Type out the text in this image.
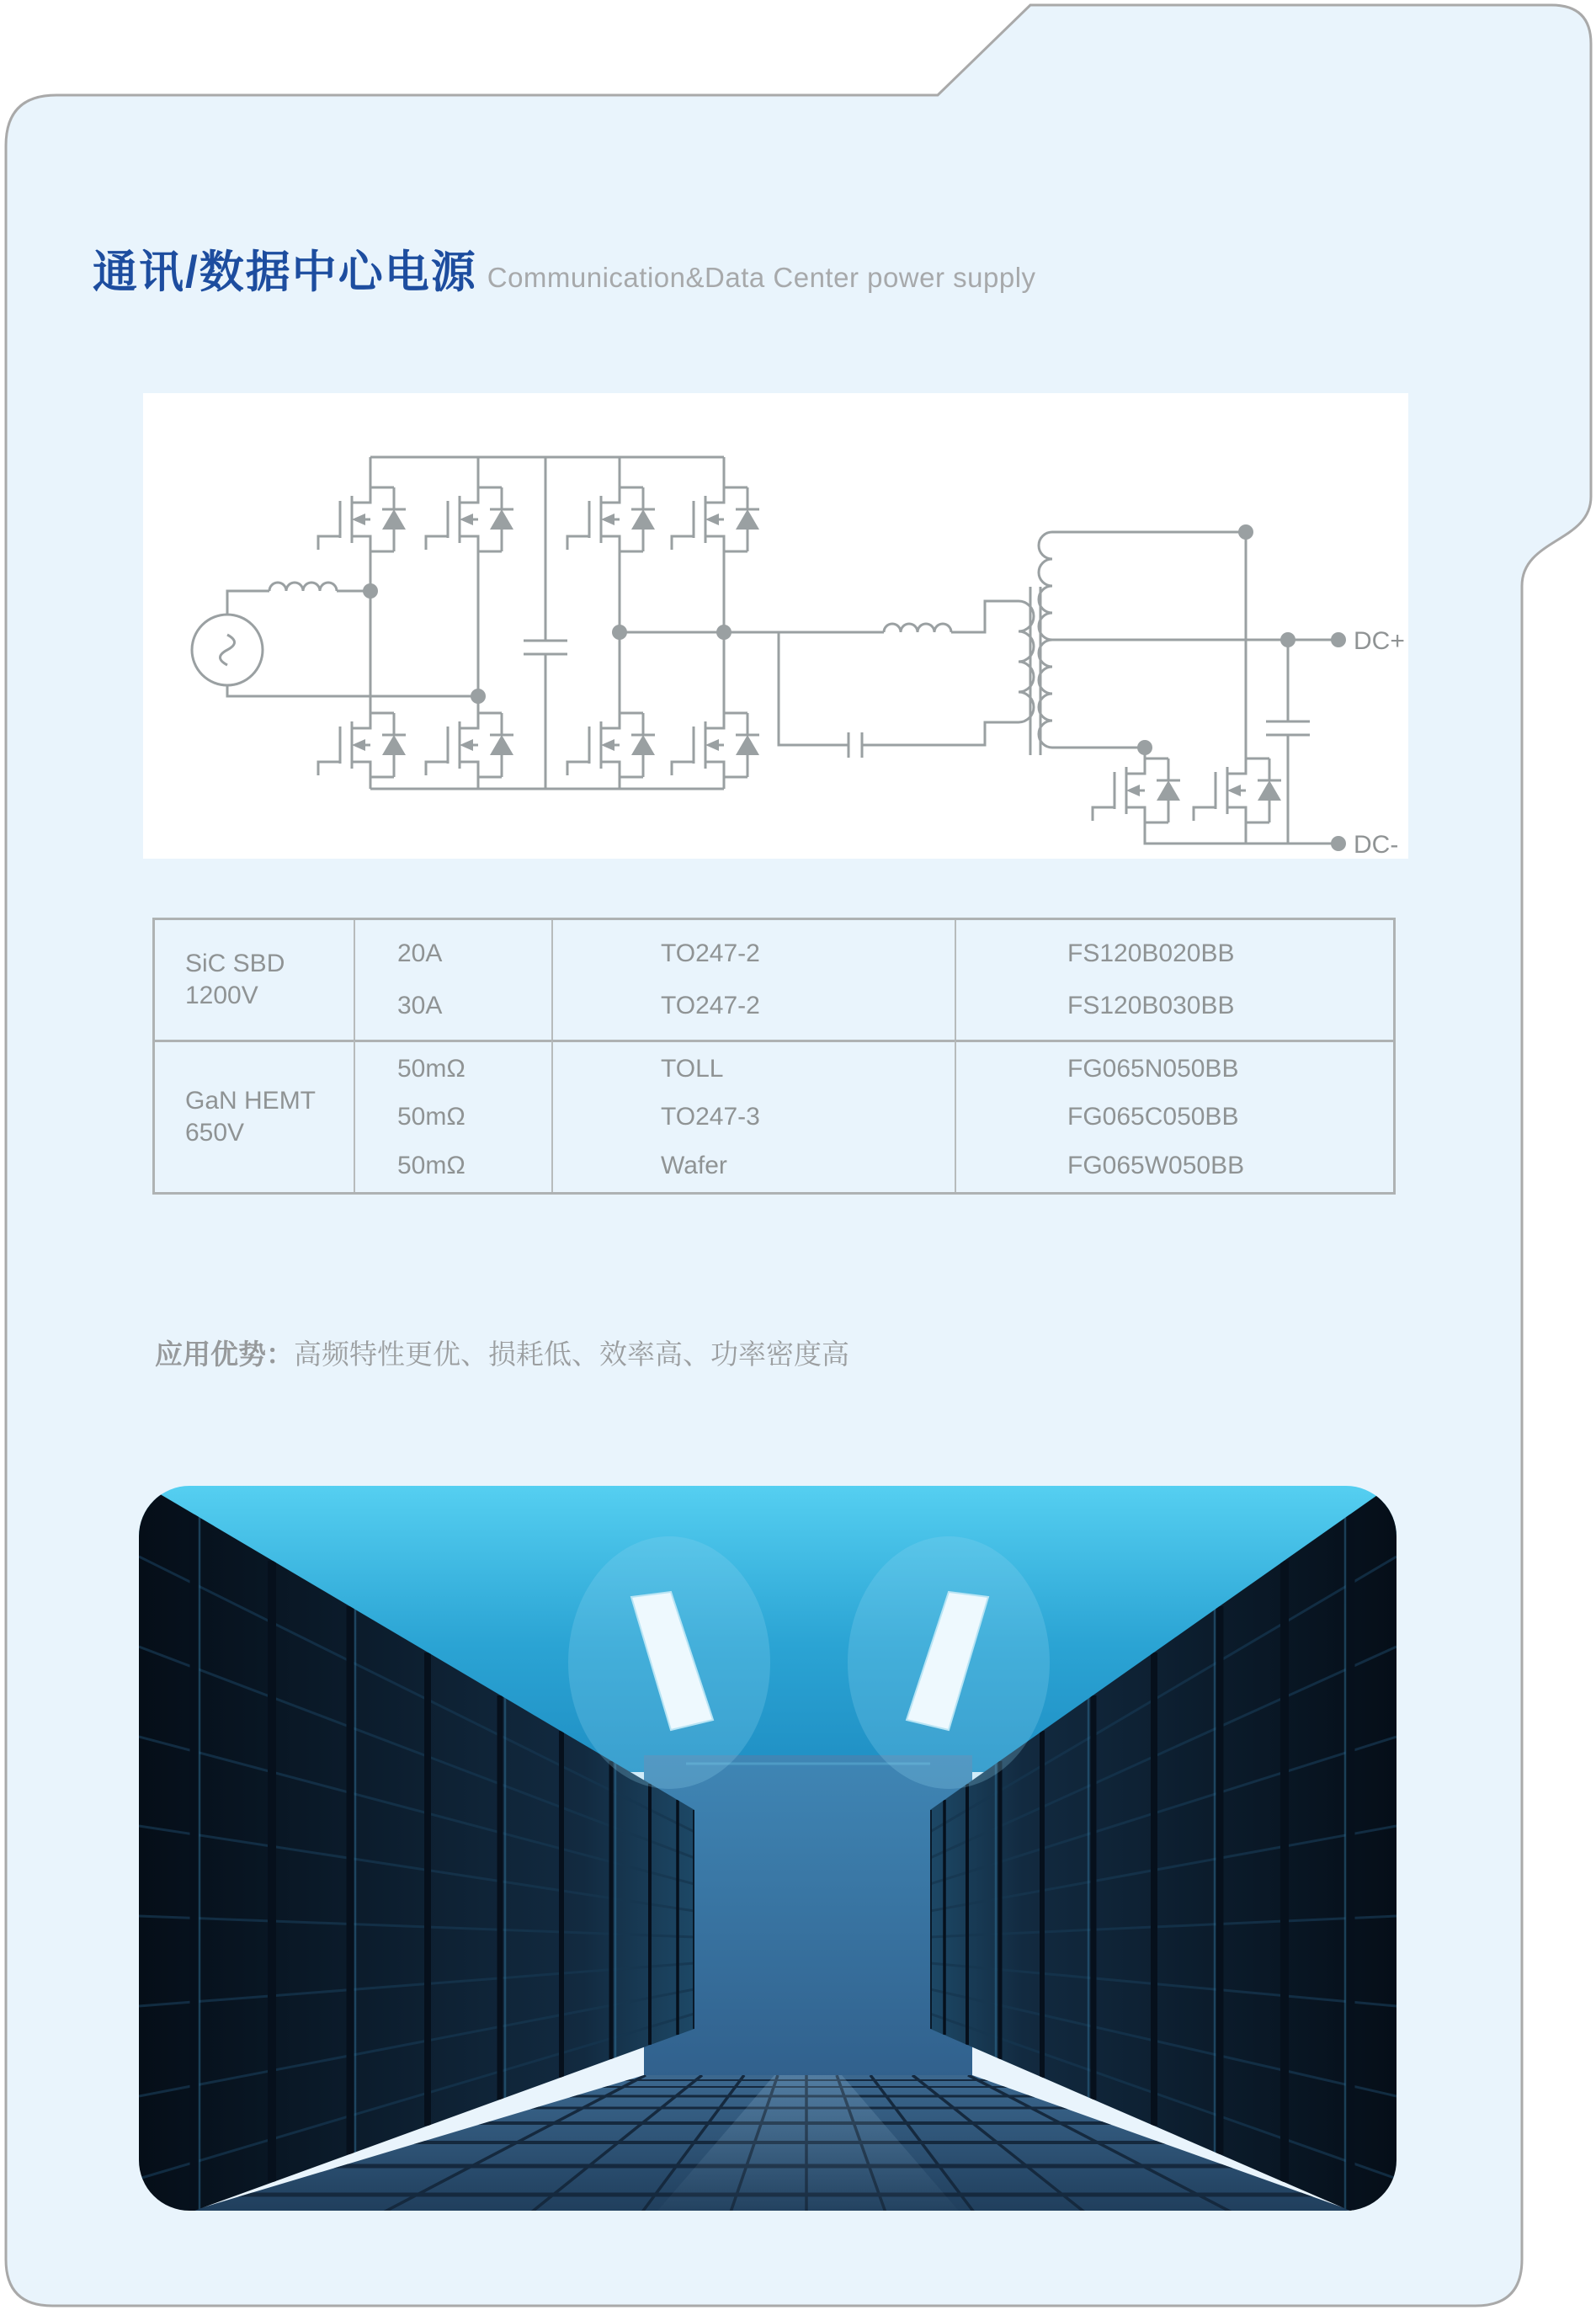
通讯/数据中心电源 Communication&Data Center power supply
DC+
DC-
SiC SBD
1200V
20A
30A
TO247-2
TO247-2
FS120B020BB
FS120B030BB
GaN HEMT
650V
50mΩ
50mΩ
50mΩ
TOLL
TO247-3
Wafer
FG065N050BB
FG065C050BB
FG065W050BB
应用优势：高频特性更优、损耗低、效率高、功率密度高
